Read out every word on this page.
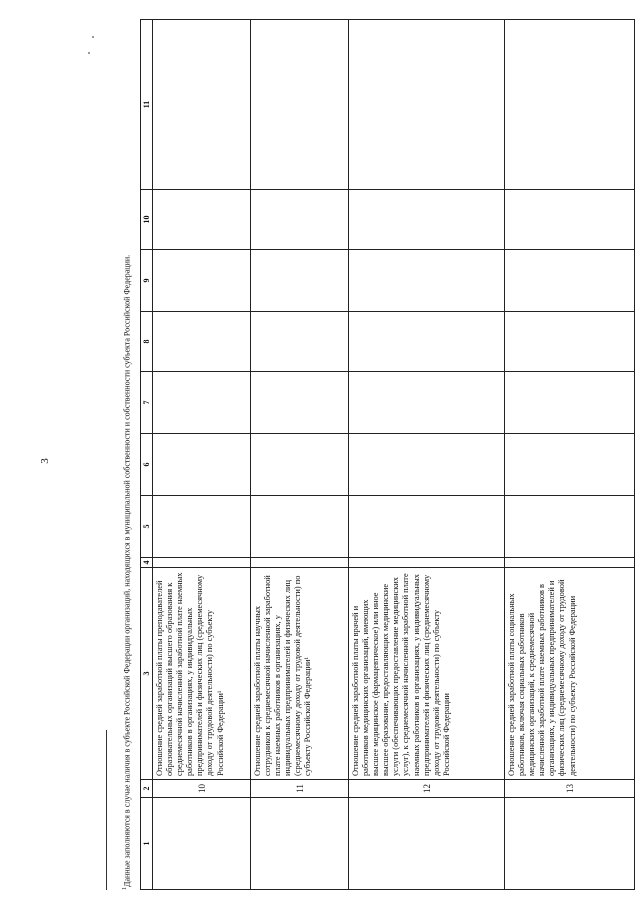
3
$^1$Данные заполняются в случае наличия в субъекте Российской Федерации организаций, находящихся в муниципальной собственности и собственности субъекта Российской Федерации. 1	2	3	4	5	6	7	8	9	10	11
	10	Отношение средней заработной платы преподавателей образовательных организаций высшего образования к среднемесячной начисленной заработной плате наемных работников в организациях, у индивидуальных предпринимателей и физических лиц (среднемесячному доходу от трудовой деятельности) по субъекту Российской Федерации¹								
	11	Отношение средней заработной платы научных сотрудников к среднемесячной начисленной заработной плате наемных работников в организациях, у индивидуальных предпринимателей и физических лиц (среднемесячному доходу от трудовой деятельности) по субъекту Российской Федерации¹								
	12	Отношение средней заработной платы врачей и работников медицинских организаций, имеющих высшее медицинское (фармацевтическое) или иное высшее образование, предоставляющих медицинские услуги (обеспечивающих предоставление медицинских услуг), к среднемесячной начисленной заработной плате наемных работников в организациях, у индивидуальных предпринимателей и физических лиц (среднемесячному доходу от трудовой деятельности) по субъекту Российской Федерации								
	13	Отношение средней заработной платы социальных работников, включая социальных работников медицинских организаций, к среднемесячной начисленной заработной плате наемных работников в организациях, у индивидуальных предпринимателей и физических лиц (среднемесячному доходу от трудовой деятельности) по субъекту Российской Федерации								
